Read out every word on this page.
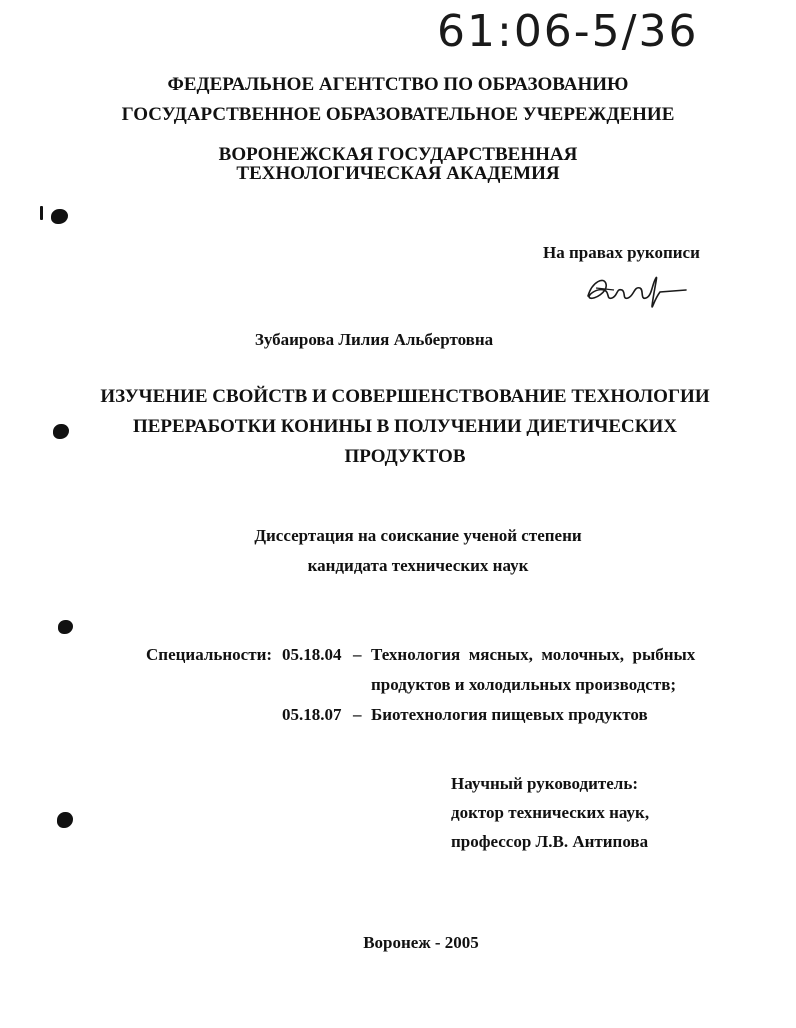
61:06-5/36
ФЕДЕРАЛЬНОЕ АГЕНТСТВО ПО ОБРАЗОВАНИЮ
ГОСУДАРСТВЕННОЕ ОБРАЗОВАТЕЛЬНОЕ УЧЕРЕЖДЕНИЕ
ВОРОНЕЖСКАЯ ГОСУДАРСТВЕННАЯ
ТЕХНОЛОГИЧЕСКАЯ АКАДЕМИЯ
На правах рукописи
Зубаирова Лилия Альбертовна
ИЗУЧЕНИЕ СВОЙСТВ И СОВЕРШЕНСТВОВАНИЕ ТЕХНОЛОГИИ
ПЕРЕРАБОТКИ КОНИНЫ В ПОЛУЧЕНИИ ДИЕТИЧЕСКИХ
ПРОДУКТОВ
Диссертация на соискание ученой степени
кандидата технических наук
Специальности: 05.18.04 – Технология  мясных,  молочных,  рыбных
продуктов и холодильных производств;
05.18.07 – Биотехнология пищевых продуктов
Научный руководитель:
доктор технических наук,
профессор Л.В. Антипова
Воронеж - 2005
